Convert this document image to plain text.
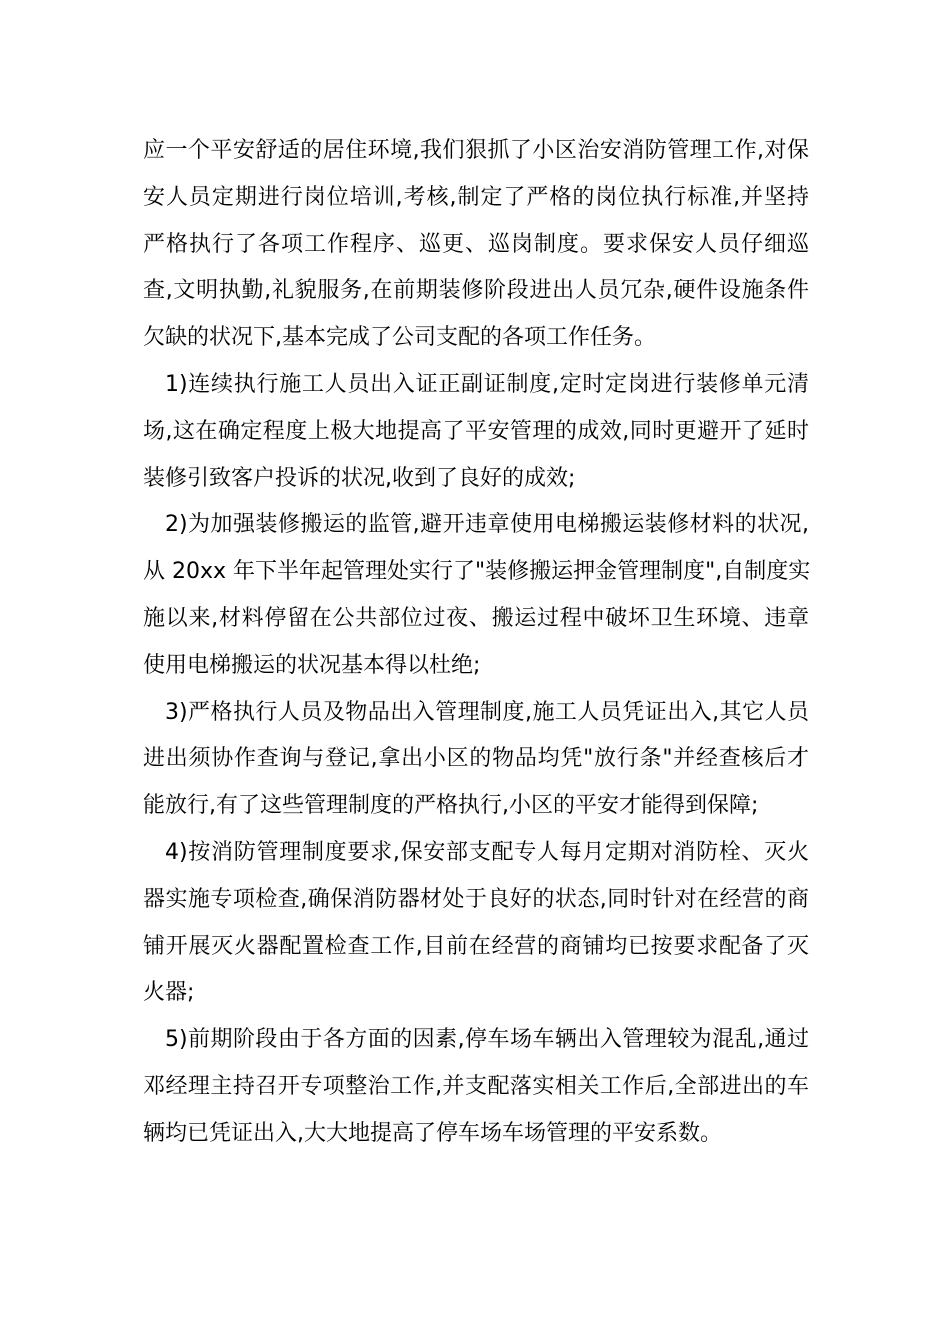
应一个平安舒适的居住环境,我们狠抓了小区治安消防管理工作,对保
安人员定期进行岗位培训,考核,制定了严格的岗位执行标准,并坚持
严格执行了各项工作程序、巡更、巡岗制度。要求保安人员仔细巡
查,文明执勤,礼貌服务,在前期装修阶段进出人员冗杂,硬件设施条件
欠缺的状况下,基本完成了公司支配的各项工作任务。

1)连续执行施工人员出入证正副证制度,定时定岗进行装修单元清
场,这在确定程度上极大地提高了平安管理的成效,同时更避开了延时
装修引致客户投诉的状况,收到了良好的成效;

2)为加强装修搬运的监管,避开违章使用电梯搬运装修材料的状况,
从 20xx 年下半年起管理处实行了"装修搬运押金管理制度",自制度实
施以来,材料停留在公共部位过夜、搬运过程中破坏卫生环境、违章
使用电梯搬运的状况基本得以杜绝;

3)严格执行人员及物品出入管理制度,施工人员凭证出入,其它人员
进出须协作查询与登记,拿出小区的物品均凭"放行条"并经查核后才
能放行,有了这些管理制度的严格执行,小区的平安才能得到保障;

4)按消防管理制度要求,保安部支配专人每月定期对消防栓、灭火
器实施专项检查,确保消防器材处于良好的状态,同时针对在经营的商
铺开展灭火器配置检查工作,目前在经营的商铺均已按要求配备了灭
火器;

5)前期阶段由于各方面的因素,停车场车辆出入管理较为混乱,通过
邓经理主持召开专项整治工作,并支配落实相关工作后,全部进出的车
辆均已凭证出入,大大地提高了停车场车场管理的平安系数。
